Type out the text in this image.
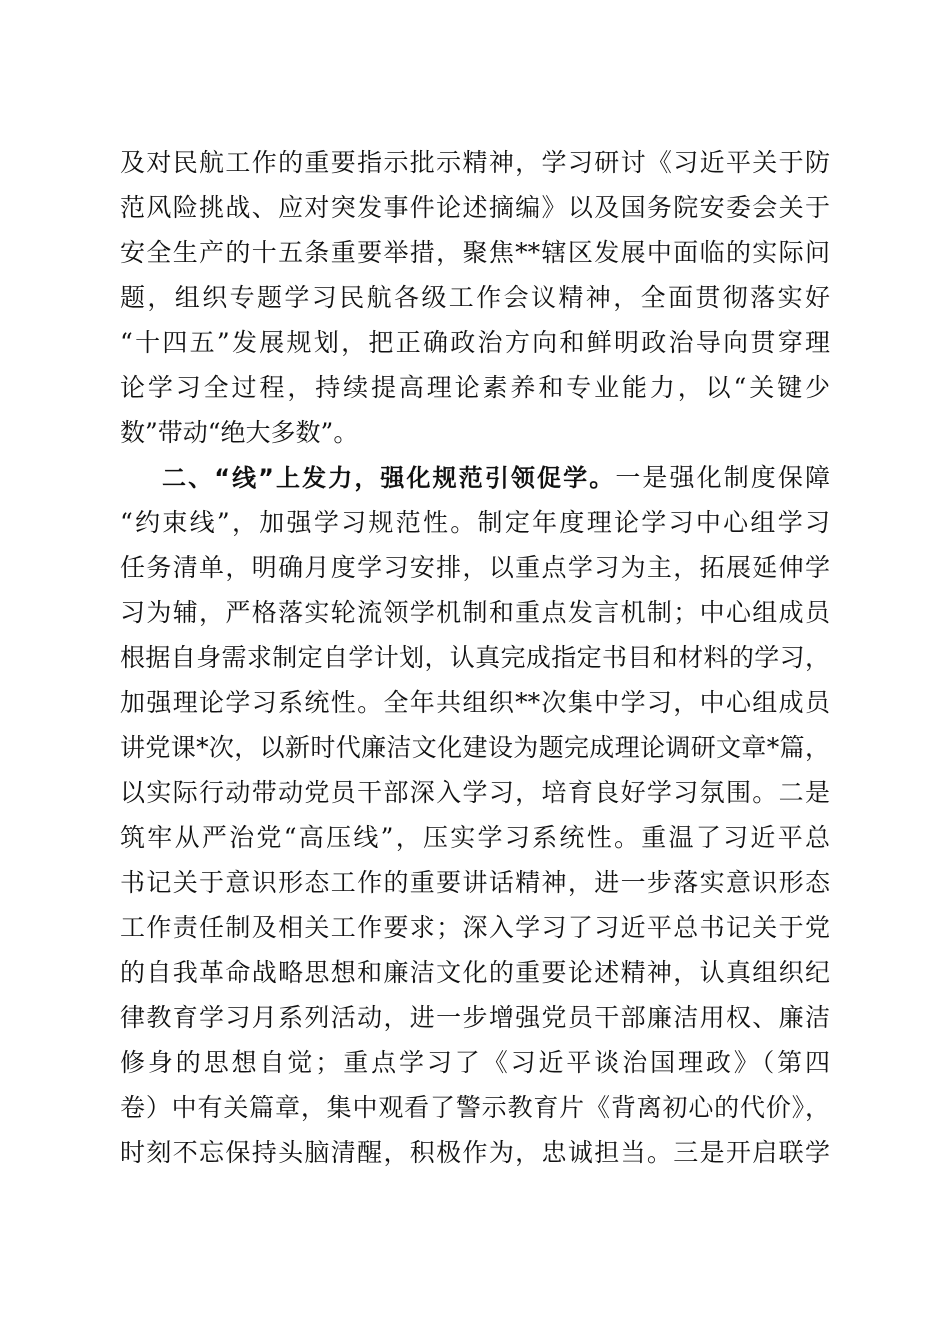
及对民航工作的重要指示批示精神，学习研讨《习近平关于防
范风险挑战、应对突发事件论述摘编》以及国务院安委会关于
安全生产的十五条重要举措，聚焦**辖区发展中面临的实际问
题，组织专题学习民航各级工作会议精神，全面贯彻落实好
“十四五”发展规划，把正确政治方向和鲜明政治导向贯穿理
论学习全过程，持续提高理论素养和专业能力，以“关键少
数”带动“绝大多数”。
二、“线”上发力，强化规范引领促学。一是强化制度保障
“约束线”，加强学习规范性。制定年度理论学习中心组学习
任务清单，明确月度学习安排，以重点学习为主，拓展延伸学
习为辅，严格落实轮流领学机制和重点发言机制；中心组成员
根据自身需求制定自学计划，认真完成指定书目和材料的学习，
加强理论学习系统性。全年共组织**次集中学习，中心组成员
讲党课*次，以新时代廉洁文化建设为题完成理论调研文章*篇，
以实际行动带动党员干部深入学习，培育良好学习氛围。二是
筑牢从严治党“高压线”，压实学习系统性。重温了习近平总
书记关于意识形态工作的重要讲话精神，进一步落实意识形态
工作责任制及相关工作要求；深入学习了习近平总书记关于党
的自我革命战略思想和廉洁文化的重要论述精神，认真组织纪
律教育学习月系列活动，进一步增强党员干部廉洁用权、廉洁
修身的思想自觉；重点学习了《习近平谈治国理政》（第四
卷）中有关篇章，集中观看了警示教育片《背离初心的代价》，
时刻不忘保持头脑清醒，积极作为，忠诚担当。三是开启联学
